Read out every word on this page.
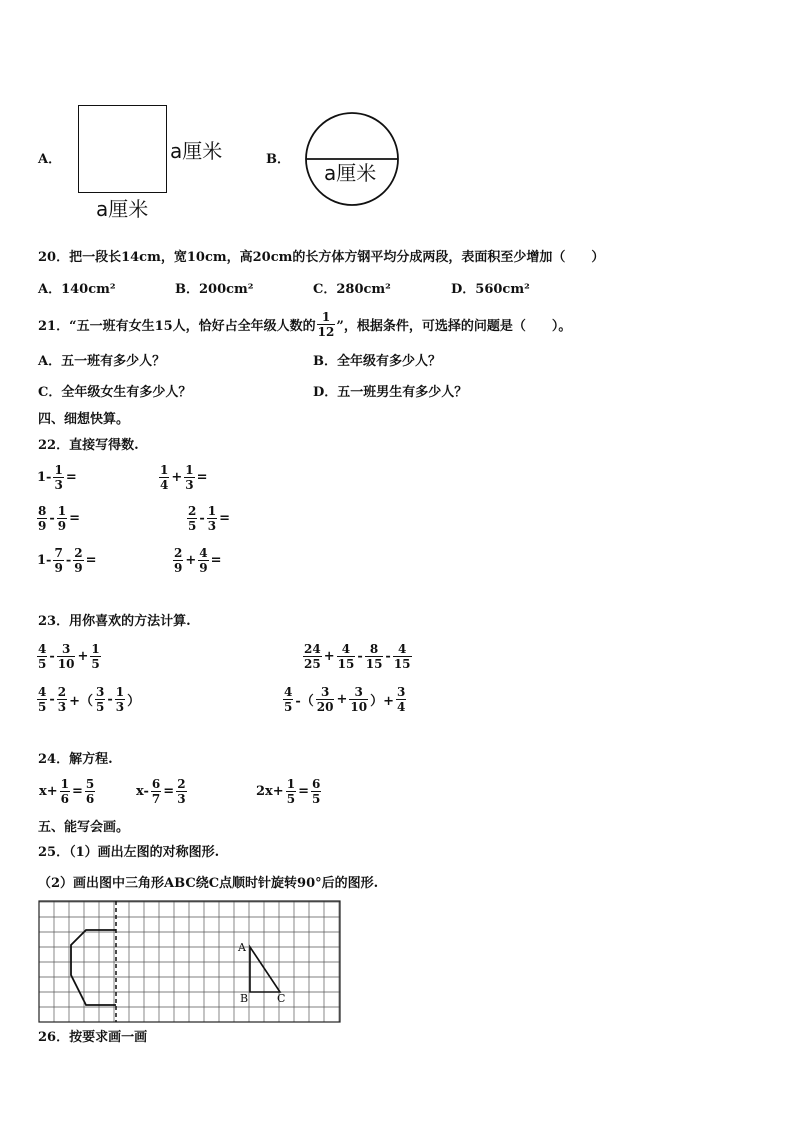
A．	a厘米
a厘米
B．
a厘米
20．把一段长14cm，宽10cm，高20cm的长方体方钢平均分成两段，表面积至少增加（　　）
A．140cm²	B．200cm²	C．280cm²	D．560cm²
21．“五一班有女生15人，恰好占全年级人数的 $\frac{1}{12}$ ”，根据条件，可选择的问题是（　　）。
A．五一班有多少人？	B．全年级有多少人？
C．全年级女生有多少人？	D．五一班男生有多少人？
四、细想快算。
22．直接写得数.
$1- \frac{1}{3}$ =	$\frac{1}{4} + \frac{1}{3}$ =
$\frac{8}{9} - \frac{1}{9}$ =	$\frac{2}{5} - \frac{1}{3}$ =
$1- \frac{7}{9} - \frac{2}{9}$ =	$\frac{2}{9} + \frac{4}{9}$ =
23．用你喜欢的方法计算.
$\frac{4}{5} - \frac{3}{10} + \frac{1}{5}$	$\frac{24}{25} + \frac{4}{15} - \frac{8}{15} - \frac{4}{15}$
$\frac{4}{5} - \frac{2}{3}$ +（ $\frac{3}{5} - \frac{1}{3}$ ）	$\frac{4}{5}$ -（ $\frac{3}{20} + \frac{3}{10}$ ）+ $\frac{3}{4}$
24．解方程.
$x+ \frac{1}{6} = \frac{5}{6}$	$x- \frac{6}{7} = \frac{2}{3}$	$2x+ \frac{1}{5} = \frac{6}{5}$
五、能写会画。
25．（1）画出左图的对称图形.
（2）画出图中三角形ABC绕C点顺时针旋转90°后的图形.
A
B	C
26．按要求画一画
